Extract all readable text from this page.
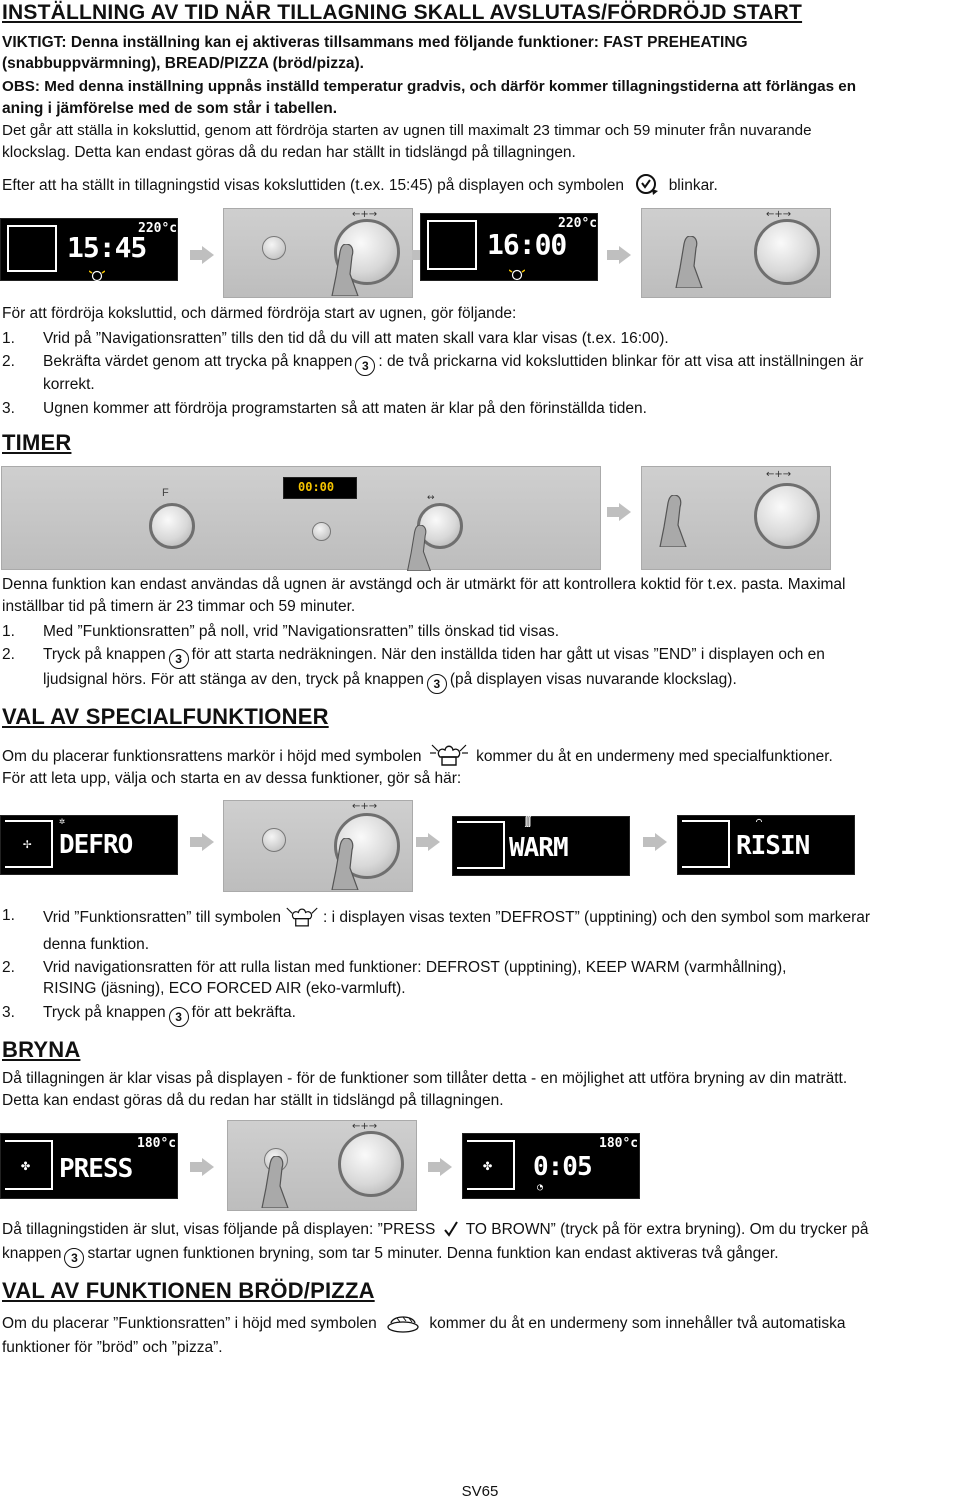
INSTÄLLNING AV TID NÄR TILLAGNING SKALL AVSLUTAS/FÖRDRÖJD START
VIKTIGT: Denna inställning kan ej aktiveras tillsammans med följande funktioner: FAST PREHEATING
(snabbuppvärmning), BREAD/PIZZA (bröd/pizza).
OBS: Med denna inställning uppnås inställd temperatur gradvis, och därför kommer tillagningstiderna att förlängas en
aning i jämförelse med de som står i tabellen.
Det går att ställa in koksluttid, genom att fördröja starten av ugnen till maximalt 23 timmar och 59 minuter från nuvarande
klockslag. Detta kan endast göras då du redan har ställt in tidslängd på tillagningen.
Efter att ha ställt in tillagningstid visas koksluttiden (t.ex. 15:45) på displayen och symbolen	blinkar.
15:45
220°c
←+→
16:00
220°c
←+→
För att fördröja koksluttid, och därmed fördröja start av ugnen, gör följande:
1. Vrid på ”Navigationsratten” tills den tid då du vill att maten skall vara klar visas (t.ex. 16:00).
2. Bekräfta värdet genom att trycka på knappen 3 : de två prickarna vid koksluttiden blinkar för att visa att inställningen är
korrekt.
3. Ugnen kommer att fördröja programstarten så att maten är klar på den förinställda tiden.
TIMER
F	00:00
↔
←+→
Denna funktion kan endast användas då ugnen är avstängd och är utmärkt för att kontrollera koktid för t.ex. pasta. Maximal
inställbar tid på timern är 23 timmar och 59 minuter.
1. Med ”Funktionsratten” på noll, vrid ”Navigationsratten” tills önskad tid visas.
2. Tryck på knappen 3 för att starta nedräkningen. När den inställda tiden har gått ut visas ”END” i displayen och en
ljudsignal hörs. För att stänga av den, tryck på knappen 3 (på displayen visas nuvarande klockslag).
VAL AV SPECIALFUNKTIONER
Om du placerar funktionsrattens markör i höjd med symbolen	kommer du åt en undermeny med specialfunktioner.
För att leta upp, välja och starta en av dessa funktioner, gör så här:
✢ DEFRO
✲
←+→
WARM
∭
RISIN
⌒
1. Vrid ”Funktionsratten” till symbolen	: i displayen visas texten ”DEFROST” (upptining) och den symbol som markerar
denna funktion.
2. Vrid navigationsratten för att rulla listan med funktioner: DEFROST (upptining), KEEP WARM (varmhållning),
RISING (jäsning), ECO FORCED AIR (eko-varmluft).
3. Tryck på knappen 3 för att bekräfta.
BRYNA
Då tillagningen är klar visas på displayen - för de funktioner som tillåter detta - en möjlighet att utföra bryning av din maträtt.
Detta kan endast göras då du redan har ställt in tidslängd på tillagningen.
✤ PRESS
180°c
←+→
✤ 0:05
180°c
◔
Då tillagningstiden är slut, visas följande på displayen: ”PRESS TO BROWN” (tryck på för extra bryning). Om du trycker på
knappen 3 startar ugnen funktionen bryning, som tar 5 minuter. Denna funktion kan endast aktiveras två gånger.
VAL AV FUNKTIONEN BRÖD/PIZZA
Om du placerar ”Funktionsratten” i höjd med symbolen	kommer du åt en undermeny som innehåller två automatiska
funktioner för ”bröd” och ”pizza”.
SV65
